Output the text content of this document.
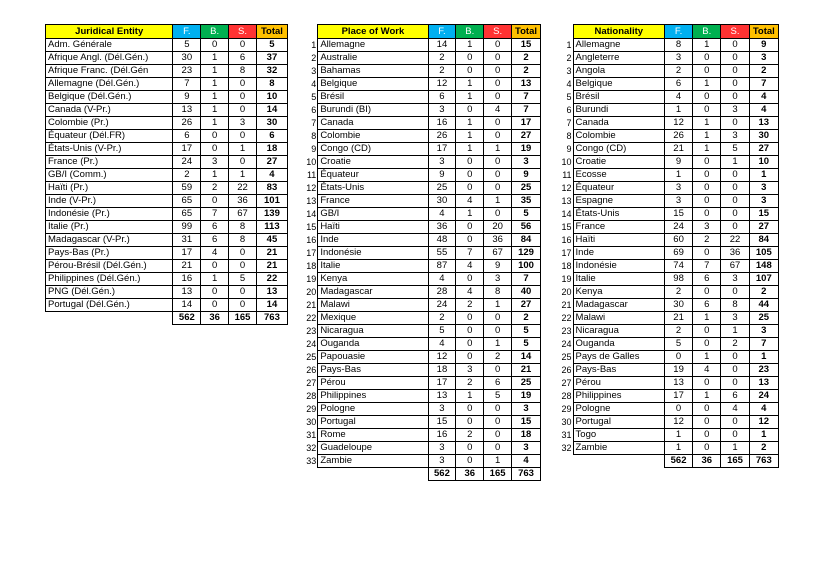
Juridical Entity	F.	B.	S.	Total
Adm. Générale	5	0	0	5
Afrique Angl. (Dél.Gén.)	30	1	6	37
Afrique Franc. (Dél.Gén	23	1	8	32
Allemagne (Dél.Gén.)	7	1	0	8
Belgique (Dél.Gén.)	9	1	0	10
Canada (V-Pr.)	13	1	0	14
Colombie (Pr.)	26	1	3	30
Équateur (Dél.FR)	6	0	0	6
États-Unis (V-Pr.)	17	0	1	18
France (Pr.)	24	3	0	27
GB/I (Comm.)	2	1	1	4
Haïti (Pr.)	59	2	22	83
Inde (V-Pr.)	65	0	36	101
Indonésie (Pr.)	65	7	67	139
Italie (Pr.)	99	6	8	113
Madagascar (V-Pr.)	31	6	8	45
Pays-Bas (Pr.)	17	4	0	21
Pérou-Brésil (Dél.Gén.)	21	0	0	21
Philippines (Dél.Gén.)	16	1	5	22
PNG (Dél.Gén.)	13	0	0	13
Portugal (Dél.Gén.)	14	0	0	14
	562	36	165	763
	Place of Work	F.	B.	S.	Total
1	Allemagne	14	1	0	15
2	Australie	2	0	0	2
3	Bahamas	2	0	0	2
4	Belgique	12	1	0	13
5	Brésil	6	1	0	7
6	Burundi (BI)	3	0	4	7
7	Canada	16	1	0	17
8	Colombie	26	1	0	27
9	Congo (CD)	17	1	1	19
10	Croatie	3	0	0	3
11	Équateur	9	0	0	9
12	États-Unis	25	0	0	25
13	France	30	4	1	35
14	GB/I	4	1	0	5
15	Haïti	36	0	20	56
16	Inde	48	0	36	84
17	Indonésie	55	7	67	129
18	Italie	87	4	9	100
19	Kenya	4	0	3	7
20	Madagascar	28	4	8	40
21	Malawi	24	2	1	27
22	Mexique	2	0	0	2
23	Nicaragua	5	0	0	5
24	Ouganda	4	0	1	5
25	Papouasie	12	0	2	14
26	Pays-Bas	18	3	0	21
27	Pérou	17	2	6	25
28	Philippines	13	1	5	19
29	Pologne	3	0	0	3
30	Portugal	15	0	0	15
31	Rome	16	2	0	18
32	Guadeloupe	3	0	0	3
33	Zambie	3	0	1	4
		562	36	165	763
	Nationality	F.	B.	S.	Total
1	Allemagne	8	1	0	9
2	Angleterre	3	0	0	3
3	Angola	2	0	0	2
4	Belgique	6	1	0	7
5	Brésil	4	0	0	4
6	Burundi	1	0	3	4
7	Canada	12	1	0	13
8	Colombie	26	1	3	30
9	Congo (CD)	21	1	5	27
10	Croatie	9	0	1	10
11	Ecosse	1	0	0	1
12	Équateur	3	0	0	3
13	Espagne	3	0	0	3
14	États-Unis	15	0	0	15
15	France	24	3	0	27
16	Haïti	60	2	22	84
17	Inde	69	0	36	105
18	Indonésie	74	7	67	148
19	Italie	98	6	3	107
20	Kenya	2	0	0	2
21	Madagascar	30	6	8	44
22	Malawi	21	1	3	25
23	Nicaragua	2	0	1	3
24	Ouganda	5	0	2	7
25	Pays de Galles	0	1	0	1
26	Pays-Bas	19	4	0	23
27	Pérou	13	0	0	13
28	Philippines	17	1	6	24
29	Pologne	0	0	4	4
30	Portugal	12	0	0	12
31	Togo	1	0	0	1
32	Zambie	1	0	1	2
		562	36	165	763
